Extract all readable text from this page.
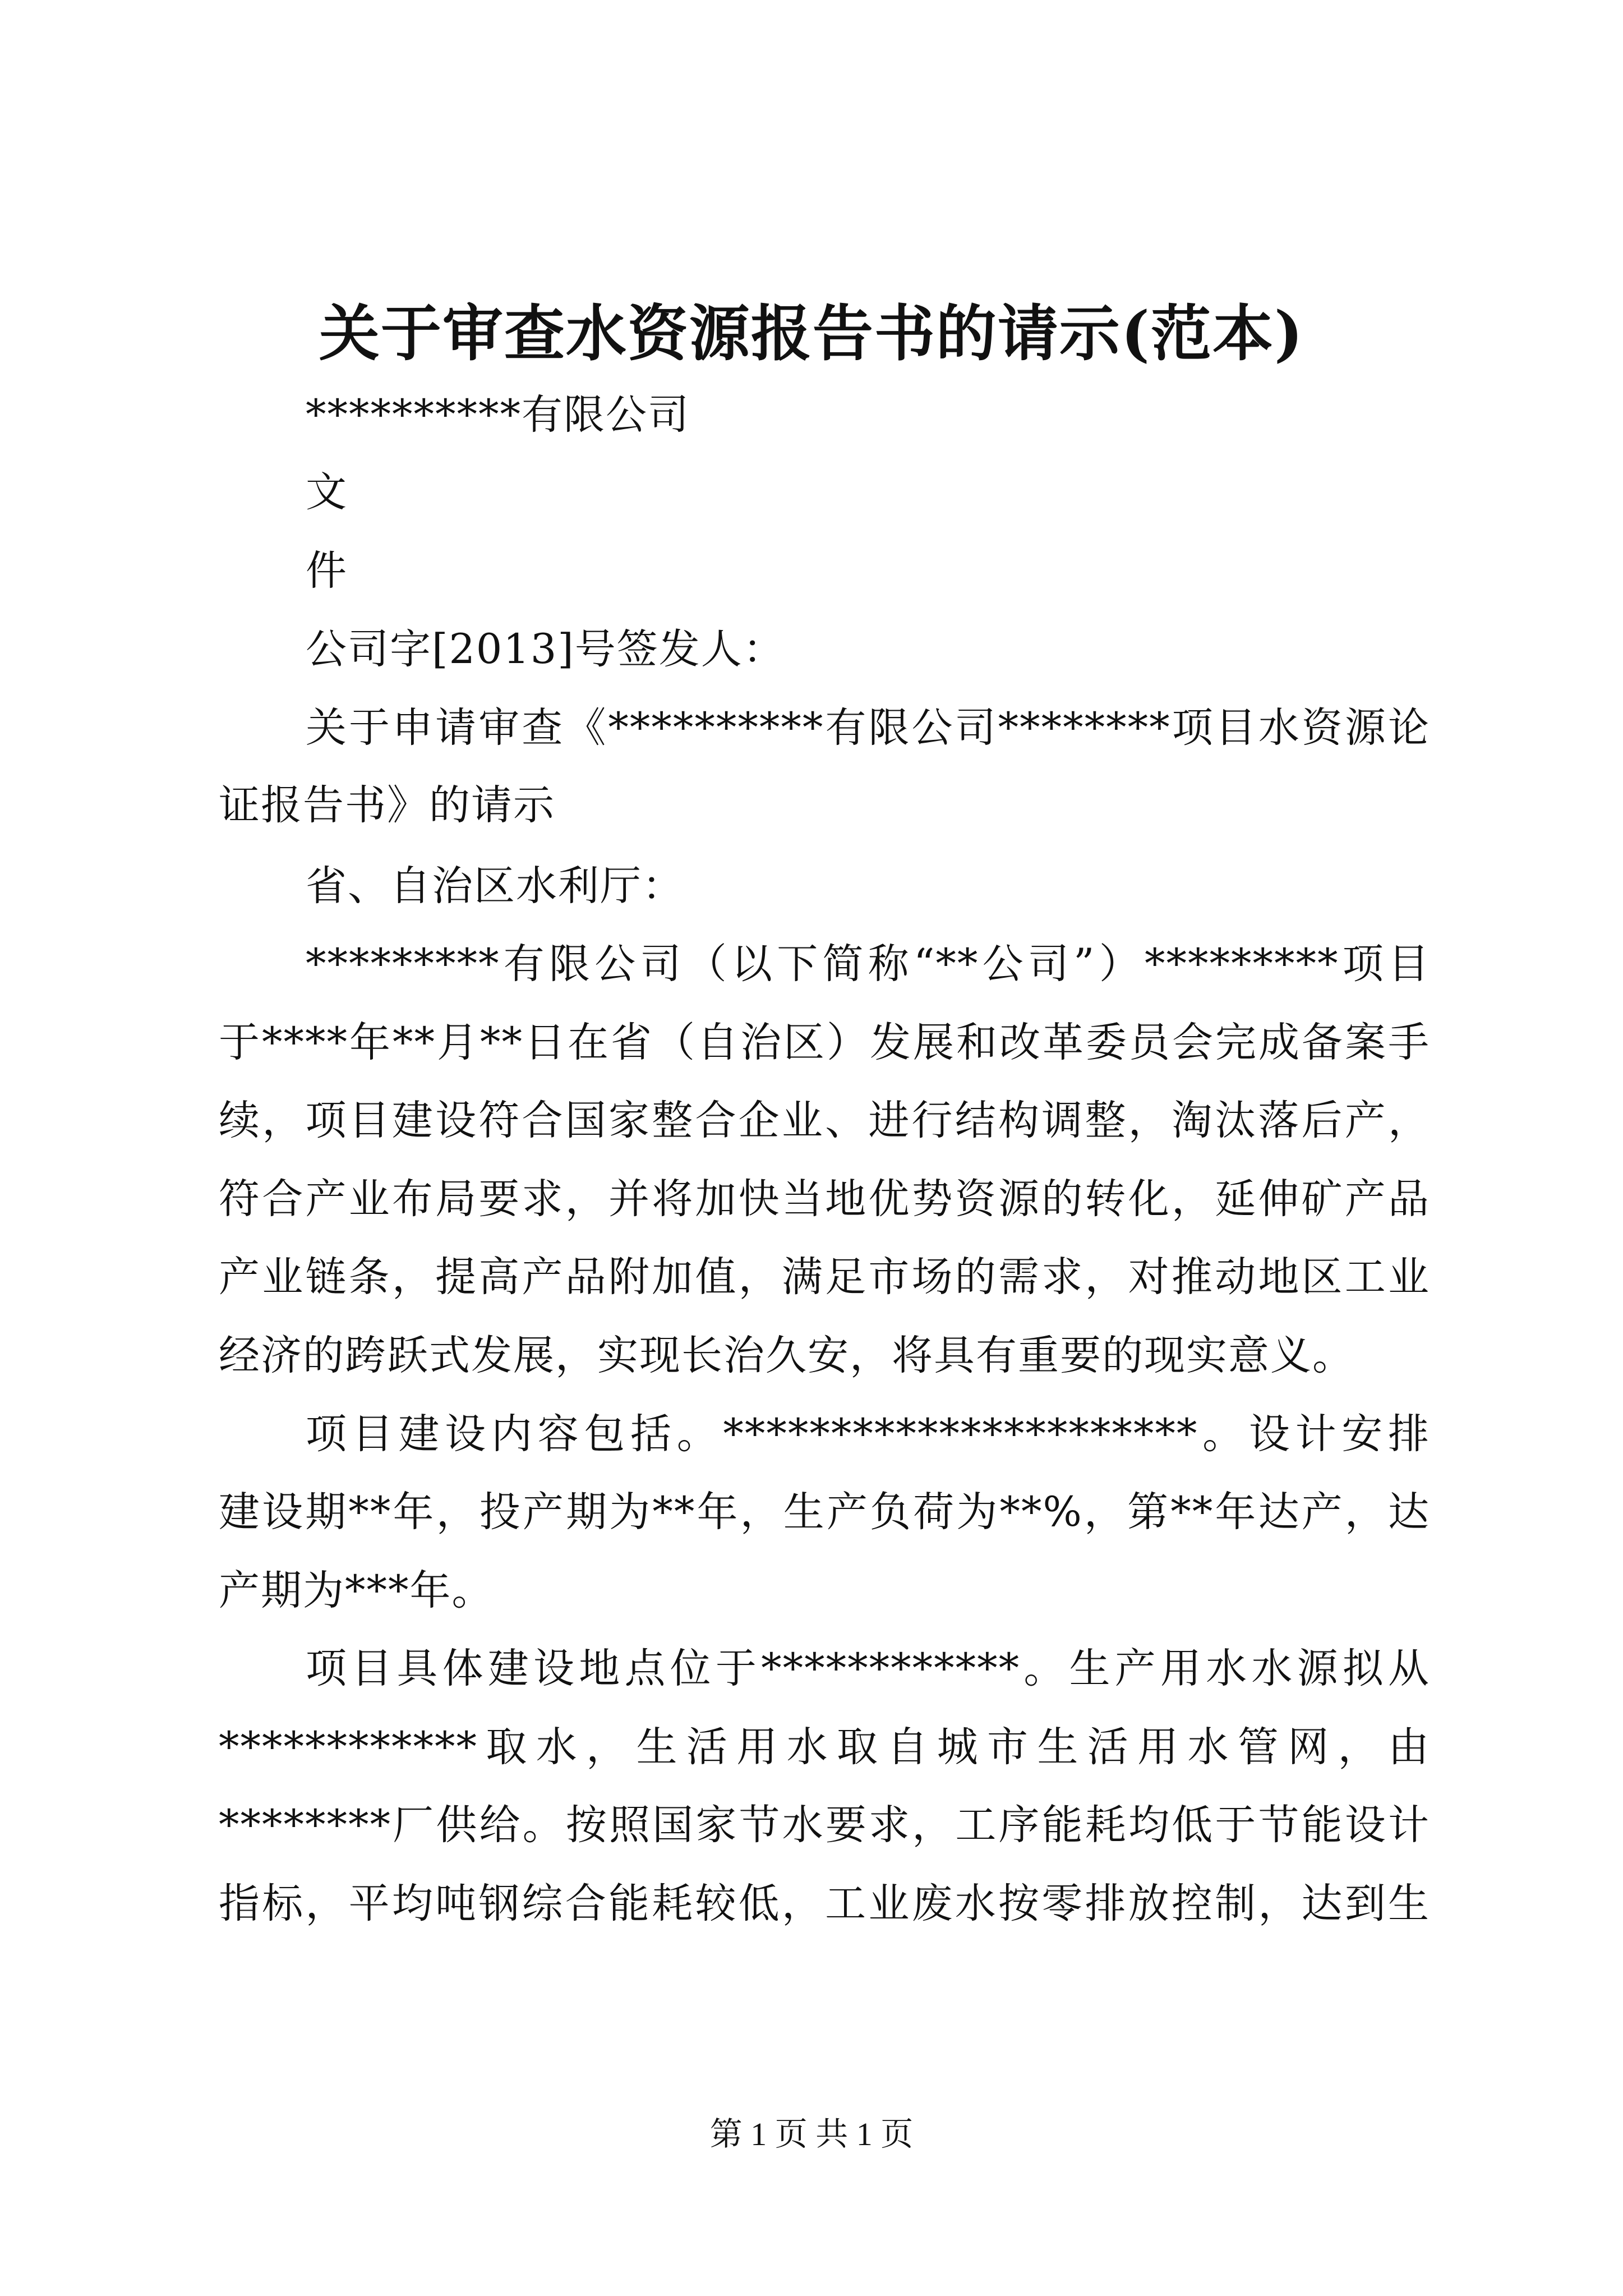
关于审查水资源报告书的请示(范本)
**********有限公司
文
件
公司字[2013]号签发人：
关于申请审查《**********有限公司********项目水资源论
证报告书》的请示
省、自治区水利厅：
*********有限公司（以下简称“**公司”）*********项目
于****年**月**日在省（自治区）发展和改革委员会完成备案手
续，项目建设符合国家整合企业、进行结构调整，淘汰落后产，
符合产业布局要求，并将加快当地优势资源的转化，延伸矿产品
产业链条，提高产品附加值，满足市场的需求，对推动地区工业
经济的跨跃式发展，实现长治久安，将具有重要的现实意义。
项目建设内容包括。**********************。设计安排
建设期**年，投产期为**年，生产负荷为**%，第**年达产，达
产期为***年。
项目具体建设地点位于************。生产用水水源拟从
************取水，生活用水取自城市生活用水管网，由
********厂供给。按照国家节水要求，工序能耗均低于节能设计
指标，平均吨钢综合能耗较低，工业废水按零排放控制，达到生
第 1 页 共 1 页
